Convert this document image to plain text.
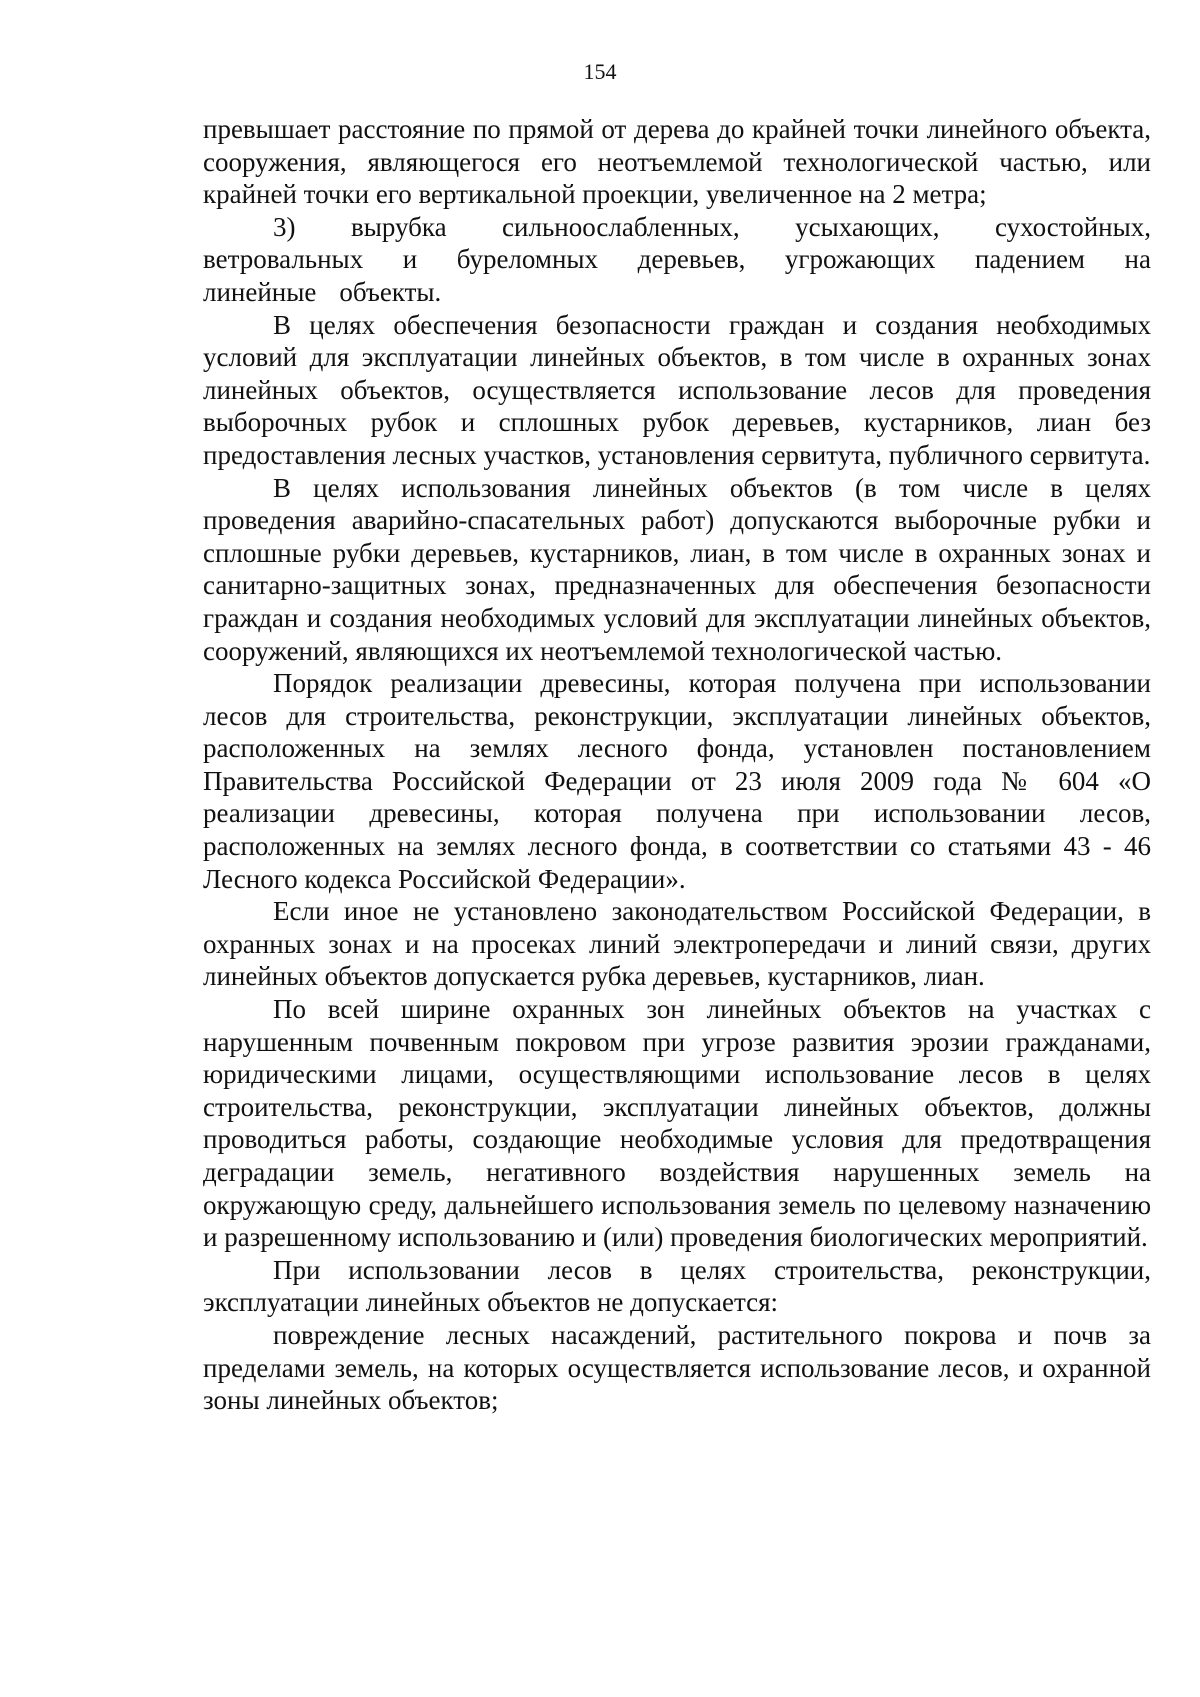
154

превышает расстояние по прямой от дерева до крайней точки линейного объекта, сооружения, являющегося его неотъемлемой технологической частью, или крайней точки его вертикальной проекции, увеличенное на 2 метра;

3) вырубка сильноослабленных, усыхающих, сухостойных, ветровальных и буреломных деревьев, угрожающих падением на линейные объекты.

В целях обеспечения безопасности граждан и создания необходимых условий для эксплуатации линейных объектов, в том числе в охранных зонах линейных объектов, осуществляется использование лесов для проведения выборочных рубок и сплошных рубок деревьев, кустарников, лиан без предоставления лесных участков, установления сервитута, публичного сервитута.

В целях использования линейных объектов (в том числе в целях проведения аварийно-спасательных работ) допускаются выборочные рубки и сплошные рубки деревьев, кустарников, лиан, в том числе в охранных зонах и санитарно-защитных зонах, предназначенных для обеспечения безопасности граждан и создания необходимых условий для эксплуатации линейных объектов, сооружений, являющихся их неотъемлемой технологической частью.

Порядок реализации древесины, которая получена при использовании лесов для строительства, реконструкции, эксплуатации линейных объектов, расположенных на землях лесного фонда, установлен постановлением Правительства Российской Федерации от 23 июля 2009 года № 604 «О реализации древесины, которая получена при использовании лесов, расположенных на землях лесного фонда, в соответствии со статьями 43 - 46 Лесного кодекса Российской Федерации».

Если иное не установлено законодательством Российской Федерации, в охранных зонах и на просеках линий электропередачи и линий связи, других линейных объектов допускается рубка деревьев, кустарников, лиан.

По всей ширине охранных зон линейных объектов на участках с нарушенным почвенным покровом при угрозе развития эрозии гражданами, юридическими лицами, осуществляющими использование лесов в целях строительства, реконструкции, эксплуатации линейных объектов, должны проводиться работы, создающие необходимые условия для предотвращения деградации земель, негативного воздействия нарушенных земель на окружающую среду, дальнейшего использования земель по целевому назначению и разрешенному использованию и (или) проведения биологических мероприятий.

При использовании лесов в целях строительства, реконструкции, эксплуатации линейных объектов не допускается:

повреждение лесных насаждений, растительного покрова и почв за пределами земель, на которых осуществляется использование лесов, и охранной зоны линейных объектов;
